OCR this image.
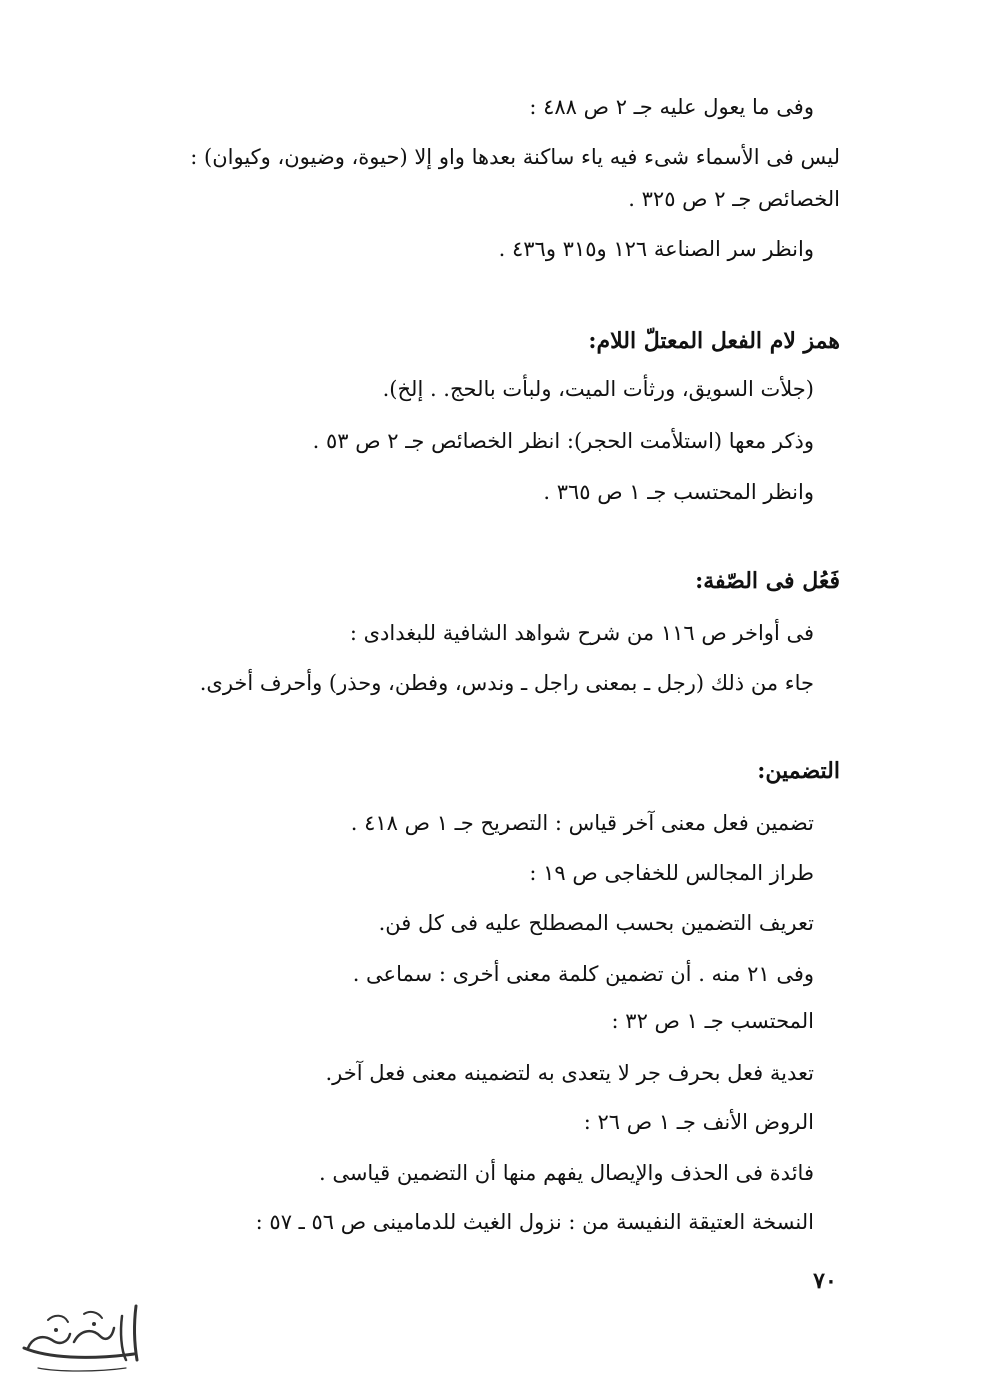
وفى ما يعول عليه جـ ٢ ص ٤٨٨ :
ليس فى الأسماء شىء فيه ياء ساكنة بعدها واو إلا (حيوة، وضيون، وكيوان) :
الخصائص جـ ٢ ص ٣٢٥ .
وانظر سر الصناعة ١٢٦ و٣١٥ و٤٣٦ .
همز لام الفعل المعتلّ اللام:
(جلأت السويق، ورثأت الميت، ولبأت بالحج. . إلخ).
وذكر معها (استلأمت الحجر): انظر الخصائص جـ ٢ ص ٥٣ .
وانظر المحتسب جـ ١ ص ٣٦٥ .
فَعُل فى الصّفة:
فى أواخر ص ١١٦ من شرح شواهد الشافية للبغدادى :
جاء من ذلك (رجل ـ بمعنى راجل ـ وندس، وفطن، وحذر) وأحرف أخرى.
التضمين:
تضمين فعل معنى آخر قياس : التصريح جـ ١ ص ٤١٨ .
طراز المجالس للخفاجى ص ١٩ :
تعريف التضمين بحسب المصطلح عليه فى كل فن.
وفى ٢١ منه . أن تضمين كلمة معنى أخرى : سماعى .
المحتسب جـ ١ ص ٣٢ :
تعدية فعل بحرف جر لا يتعدى به لتضمينه معنى فعل آخر.
الروض الأنف جـ ١ ص ٢٦ :
فائدة فى الحذف والإيصال يفهم منها أن التضمين قياسى .
النسخة العتيقة النفيسة من : نزول الغيث للدمامينى ص ٥٦ ـ ٥٧ :
٧٠
